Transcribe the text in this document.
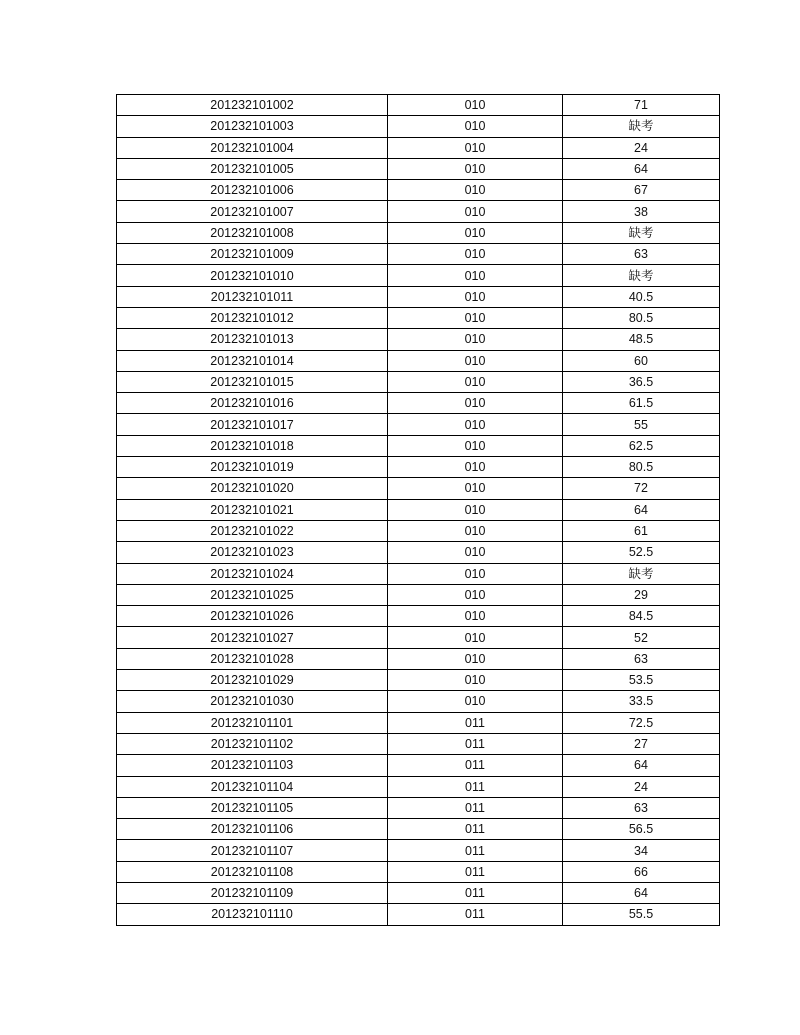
201232101002	010	71
201232101003	010	缺考
201232101004	010	24
201232101005	010	64
201232101006	010	67
201232101007	010	38
201232101008	010	缺考
201232101009	010	63
201232101010	010	缺考
201232101011	010	40.5
201232101012	010	80.5
201232101013	010	48.5
201232101014	010	60
201232101015	010	36.5
201232101016	010	61.5
201232101017	010	55
201232101018	010	62.5
201232101019	010	80.5
201232101020	010	72
201232101021	010	64
201232101022	010	61
201232101023	010	52.5
201232101024	010	缺考
201232101025	010	29
201232101026	010	84.5
201232101027	010	52
201232101028	010	63
201232101029	010	53.5
201232101030	010	33.5
201232101101	011	72.5
201232101102	011	27
201232101103	011	64
201232101104	011	24
201232101105	011	63
201232101106	011	56.5
201232101107	011	34
201232101108	011	66
201232101109	011	64
201232101110	011	55.5
